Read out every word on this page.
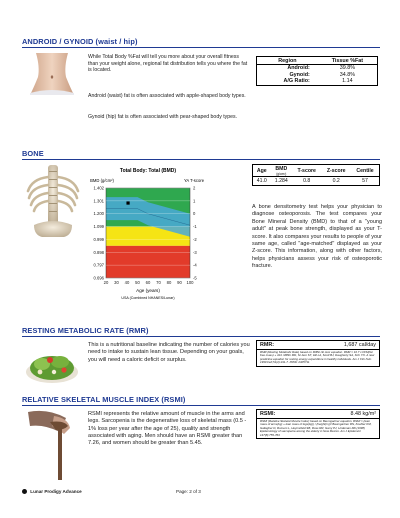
ANDROID / GYNOID (waist / hip)
While Total Body %Fat will tell you more about your overall fitness than your weight alone, regional fat distribution tells you where the fat is located.
Android (waist) fat is often associated with apple-shaped body types.
Gynoid (hip) fat is often associated with pear-shaped body types.
Region	Tissue %Fat
Android:	39.8%
Gynoid:	34.8%
A/G Ratio:	1.14
BONE
Total Body: Total (BMD)
BMD (g/cm²)	YA T-score
1.402
1.301
1.200
1.099
0.999
0.898
0.797
0.696
2
1
0
-1
-2
-3
-4
-5
20 30 40 50 60 70 80 90 100
Age (years)
USA (Combined NHANES/Lunar)
Age	BMD
(g/cm²)	T-score	Z-score	Centile
41.0	1.284	0.8	0.2	57
A bone densitometry test helps your physician to diagnose osteoporosis. The test compares your Bone Mineral Density (BMD) to that of a "young adult" at peak bone strength, displayed as your T-score. It also compares your results to people of your same age, called "age-matched" displayed as your Z-score. This information, along with other factors, helps physicians assess your risk of osteoporotic fracture.
RESTING METABOLIC RATE (RMR)
This is a nutritional baseline indicating the number of calories you need to intake to sustain lean tissue. Depending on your goals, you will need a caloric deficit or surplus.
RMR:	1,687 cal/day
RMR (Resting Metabolic Rate) based on Mifflin-St Jeor equation. RMR = 10.7 x FFM(fat free mass) + 413. Mifflin MD, St Jeor ST, Hill LA, Scott BJ, Daugherty SA, Koh YO. A new predictive equation for resting energy expenditure in healthy individuals. Am J Clin Nutr. 1990 Feb;51(2):241-7. PMID: 2305711
RELATIVE SKELETAL MUSCLE INDEX (RSMI)
RSMI represents the relative amount of muscle in the arms and legs. Sarcopenia is the degenerative loss of skeletal mass (0.5 - 1% loss per year after the age of 25), quality and strength associated with aging. Men should have an RSMI greater than 7.26, and women should be greater than 5.45.
RSMI:	8.48 kg/m²
RSMI (Relative Skeletal Muscle Index) based on Baumgartner equation. RSMI = (lean mass of arms(kg) + lean mass of legs(kg)) / (height(m))² Baumgartner RN, Koehler KM, Gallagher D, Romero L, Heymsfield SB, Ross RR, Garry PJ, Lindeman RD (1998) Epidemiology of sarcopenia among the elderly in New Mexico. Am J Epidemiol 147(8):755-763
Lunar Prodigy Advance	Page: 2 of 3
